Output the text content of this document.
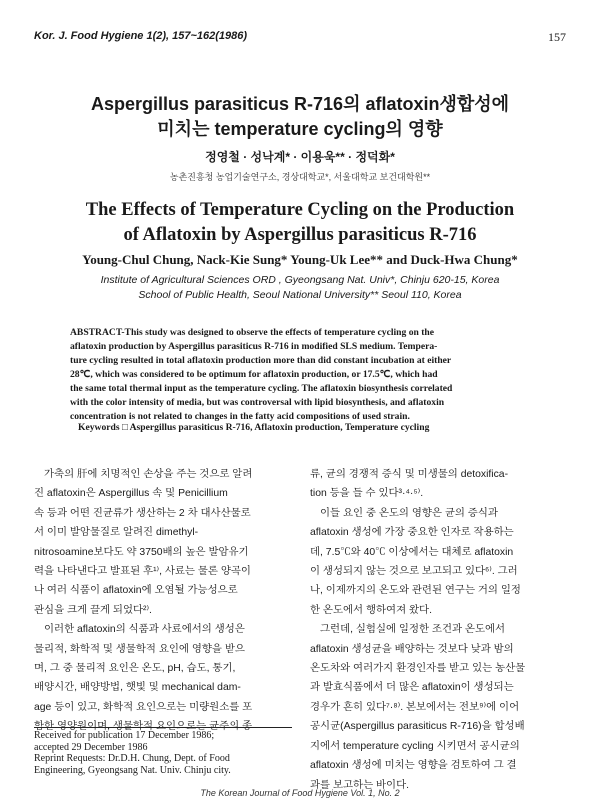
Kor. J. Food Hygiene 1(2), 157~162(1986)	157
Aspergillus parasiticus R-716의 aflatoxin생합성에
미치는 temperature cycling의 영향
정영철 · 성낙계* · 이용욱** · 정덕화*
농촌진흥청 농업기술연구소, 경상대학교*, 서울대학교 보건대학원**
The Effects of Temperature Cycling on the Production
of Aflatoxin by Aspergillus parasiticus R-716
Young-Chul Chung, Nack-Kie Sung* Young-Uk Lee** and Duck-Hwa Chung*
Institute of Agricultural Sciences ORD , Gyeongsang Nat. Univ*, Chinju 620-15, Korea
School of Public Health, Seoul National University** Seoul 110, Korea
ABSTRACT-This study was designed to observe the effects of temperature cycling on the
aflatoxin production by Aspergillus parasiticus R-716 in modified SLS medium. Tempera-
ture cycling resulted in total aflatoxin production more than did constant incubation at either
28℃, which was considered to be optimum for aflatoxin production, or 17.5℃, which had
the same total thermal input as the temperature cycling. The aflatoxin biosynthesis correlated
with the color intensity of media, but was controversal with lipid biosynthesis, and aflatoxin
concentration is not related to changes in the fatty acid compositions of used strain.
Keywords □ Aspergillus parasiticus R-716, Aflatoxin production, Temperature cycling
가축의 肝에 치명적인 손상을 주는 것으로 알려
진 aflatoxin은 Aspergillus 속 및 Penicillium
속 등과 어떤 진균류가 생산하는 2 차 대사산물로
서 이미 발암물질로 알려진 dimethyl-
nitrosoamine보다도 약 3750배의 높은 발암유기
력을 나타낸다고 발표된 후¹⁾, 사료는 물론 양곡이
나 여러 식품이 aflatoxin에 오염될 가능성으로
관심을 크게 끌게 되었다²⁾.
이러한 aflatoxin의 식품과 사료에서의 생성은
물리적, 화학적 및 생물학적 요인에 영향을 받으
며, 그 중 물리적 요인은 온도, pH, 습도, 통기,
배양시간, 배양방법, 햇빛 및 mechanical dam-
age 등이 있고, 화학적 요인으로는 미량원소를 포
함한 영양원이며, 생물학적 요인으로는 균주의 종
류, 균의 경쟁적 증식 및 미생물의 detoxifica-
tion 등을 들 수 있다³·⁴·⁵⁾.
이들 요인 중 온도의 영향은 균의 증식과
aflatoxin 생성에 가장 중요한 인자로 작용하는
데, 7.5℃와 40℃ 이상에서는 대체로 aflatoxin
이 생성되지 않는 것으로 보고되고 있다⁶⁾. 그러
나, 이제까지의 온도와 관련된 연구는 거의 일정
한 온도에서 행하여져 왔다.
그런데, 실험실에 일정한 조건과 온도에서
aflatoxin 생성균을 배양하는 것보다 낮과 밤의
온도차와 여러가지 환경인자를 받고 있는 농산물
과 발효식품에서 더 많은 aflatoxin이 생성되는
경우가 흔히 있다⁷·⁸⁾. 본보에서는 전보⁹⁾에 이어
공시균(Aspergillus parasiticus R-716)을 합성배
지에서 temperature cycling 시키면서 공시균의
aflatoxin 생성에 미치는 영향을 검토하여 그 결
과를 보고하는 바이다.
Received for publication 17 December 1986;
accepted 29 December 1986
Reprint Requests: Dr.D.H. Chung, Dept. of Food
Engineering, Gyeongsang Nat. Univ. Chinju city.
The Korean Journal of Food Hygiene Vol. 1, No. 2
